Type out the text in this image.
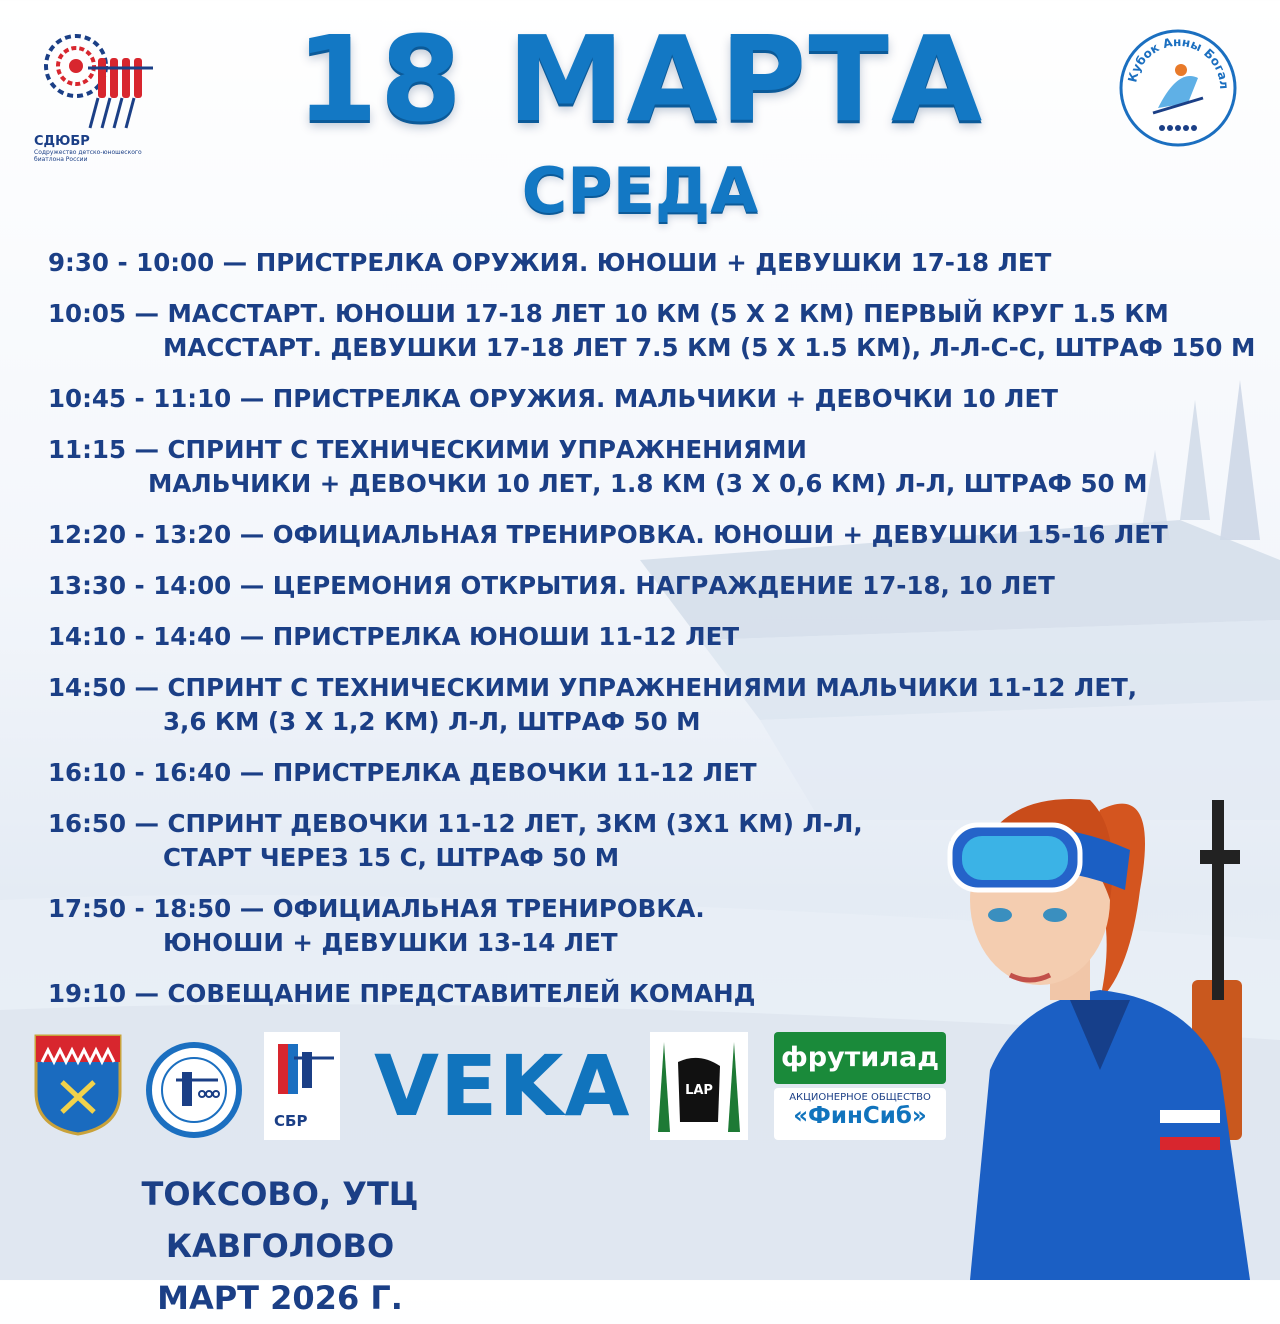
СДЮБР
Содружество детско-юношеского биатлона России
Кубок Анны Богал
18 МАРТА
СРЕДА
9:30 - 10:00 — ПРИСТРЕЛКА ОРУЖИЯ. ЮНОШИ + ДЕВУШКИ 17-18 ЛЕТ
10:05 — МАССТАРТ. ЮНОШИ 17-18 ЛЕТ 10 КМ (5 Х 2 КМ) ПЕРВЫЙ КРУГ 1.5 КМ
МАССТАРТ. ДЕВУШКИ 17-18 ЛЕТ 7.5 КМ (5 Х 1.5 КМ), Л-Л-С-С, ШТРАФ 150 М
10:45 - 11:10 — ПРИСТРЕЛКА ОРУЖИЯ. МАЛЬЧИКИ + ДЕВОЧКИ 10 ЛЕТ
11:15 — СПРИНТ С ТЕХНИЧЕСКИМИ УПРАЖНЕНИЯМИ
МАЛЬЧИКИ + ДЕВОЧКИ 10 ЛЕТ, 1.8 КМ (3 Х 0,6 КМ) Л-Л, ШТРАФ 50 М
12:20 - 13:20 — ОФИЦИАЛЬНАЯ ТРЕНИРОВКА. ЮНОШИ + ДЕВУШКИ 15-16 ЛЕТ
13:30 - 14:00 — ЦЕРЕМОНИЯ ОТКРЫТИЯ. НАГРАЖДЕНИЕ 17-18, 10 ЛЕТ
14:10 - 14:40 — ПРИСТРЕЛКА ЮНОШИ 11-12 ЛЕТ
14:50 — СПРИНТ С ТЕХНИЧЕСКИМИ УПРАЖНЕНИЯМИ МАЛЬЧИКИ 11-12 ЛЕТ,
3,6 КМ (3 Х 1,2 КМ) Л-Л, ШТРАФ 50 М
16:10 - 16:40 — ПРИСТРЕЛКА ДЕВОЧКИ 11-12 ЛЕТ
16:50 — СПРИНТ ДЕВОЧКИ 11-12 ЛЕТ, 3КМ (3Х1 КМ) Л-Л,
СТАРТ ЧЕРЕЗ 15 С, ШТРАФ 50 М
17:50 - 18:50 — ОФИЦИАЛЬНАЯ ТРЕНИРОВКА.
ЮНОШИ + ДЕВУШКИ 13-14 ЛЕТ
19:10 — СОВЕЩАНИЕ ПРЕДСТАВИТЕЛЕЙ КОМАНД
СБР VEKA	LAP
фрутилад
АКЦИОНЕРНОЕ ОБЩЕСТВО
«ФинСиб»
ТОКСОВО, УТЦ КАВГОЛОВО
МАРТ 2026 Г.
